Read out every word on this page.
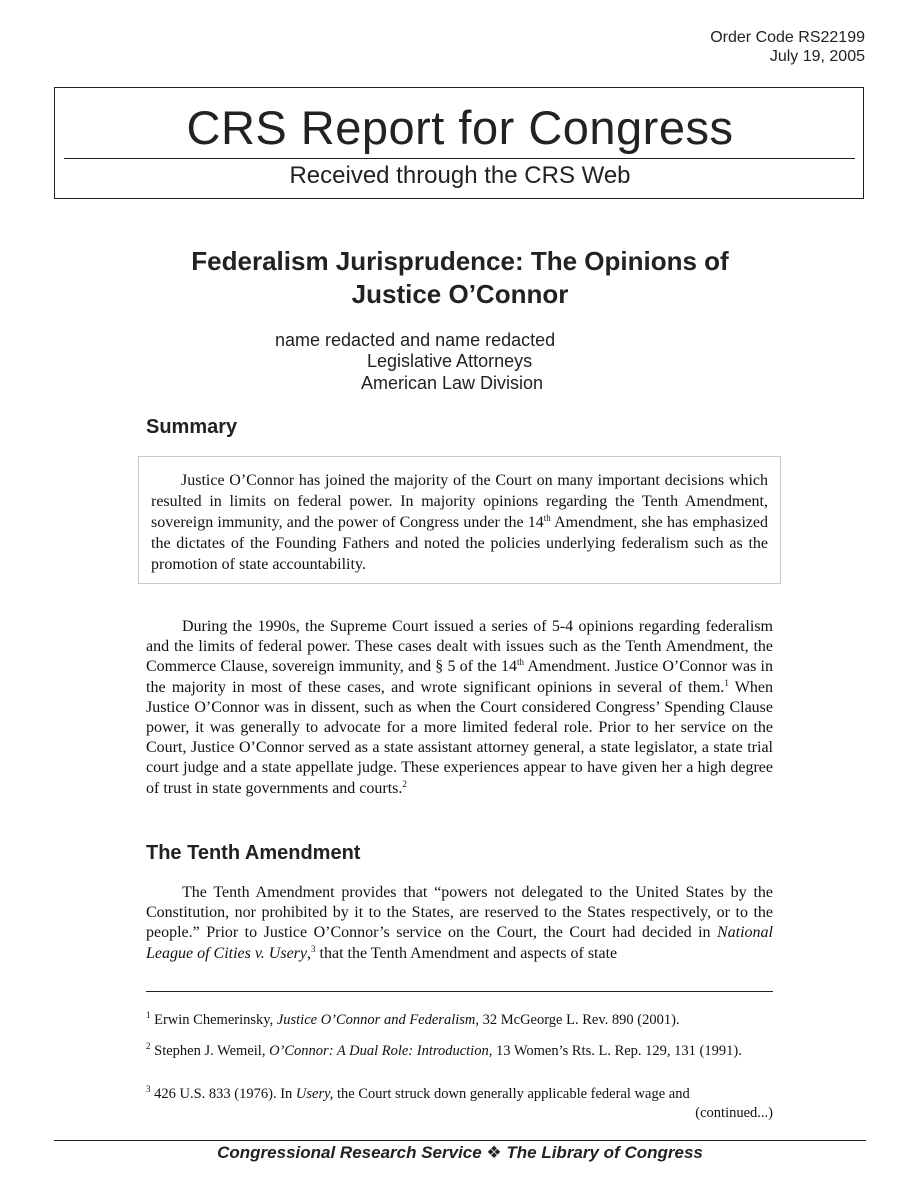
Order Code RS22199
July 19, 2005
CRS Report for Congress
Received through the CRS Web
Federalism Jurisprudence: The Opinions of
Justice O’Connor
name redacted and name redacted
Legislative Attorneys
American Law Division
Summary

Justice O’Connor has joined the majority of the Court on many important decisions which resulted in limits on federal power. In majority opinions regarding the Tenth Amendment, sovereign immunity, and the power of Congress under the 14th Amendment, she has emphasized the dictates of the Founding Fathers and noted the policies underlying federalism such as the promotion of state accountability.

During the 1990s, the Supreme Court issued a series of 5-4 opinions regarding federalism and the limits of federal power. These cases dealt with issues such as the Tenth Amendment, the Commerce Clause, sovereign immunity, and § 5 of the 14th Amendment. Justice O’Connor was in the majority in most of these cases, and wrote significant opinions in several of them.$^1$ When Justice O’Connor was in dissent, such as when the Court considered Congress’ Spending Clause power, it was generally to advocate for a more limited federal role. Prior to her service on the Court, Justice O’Connor served as a state assistant attorney general, a state legislator, a state trial court judge and a state appellate judge. These experiences appear to have given her a high degree of trust in state governments and courts.$^2$

The Tenth Amendment

The Tenth Amendment provides that “powers not delegated to the United States by the Constitution, nor prohibited by it to the States, are reserved to the States respectively, or to the people.” Prior to Justice O’Connor’s service on the Court, the Court had decided in National League of Cities v. Usery,$^3$ that the Tenth Amendment and aspects of state

$^1$ Erwin Chemerinsky, Justice O’Connor and Federalism, 32 McGeorge L. Rev. 890 (2001).

$^2$ Stephen J. Wemeil, O’Connor: A Dual Role: Introduction, 13 Women’s Rts. L. Rep. 129, 131 (1991).

$^3$ 426 U.S. 833 (1976). In Usery, the Court struck down generally applicable federal wage and

(continued...)
Congressional Research Service ❖ The Library of Congress
